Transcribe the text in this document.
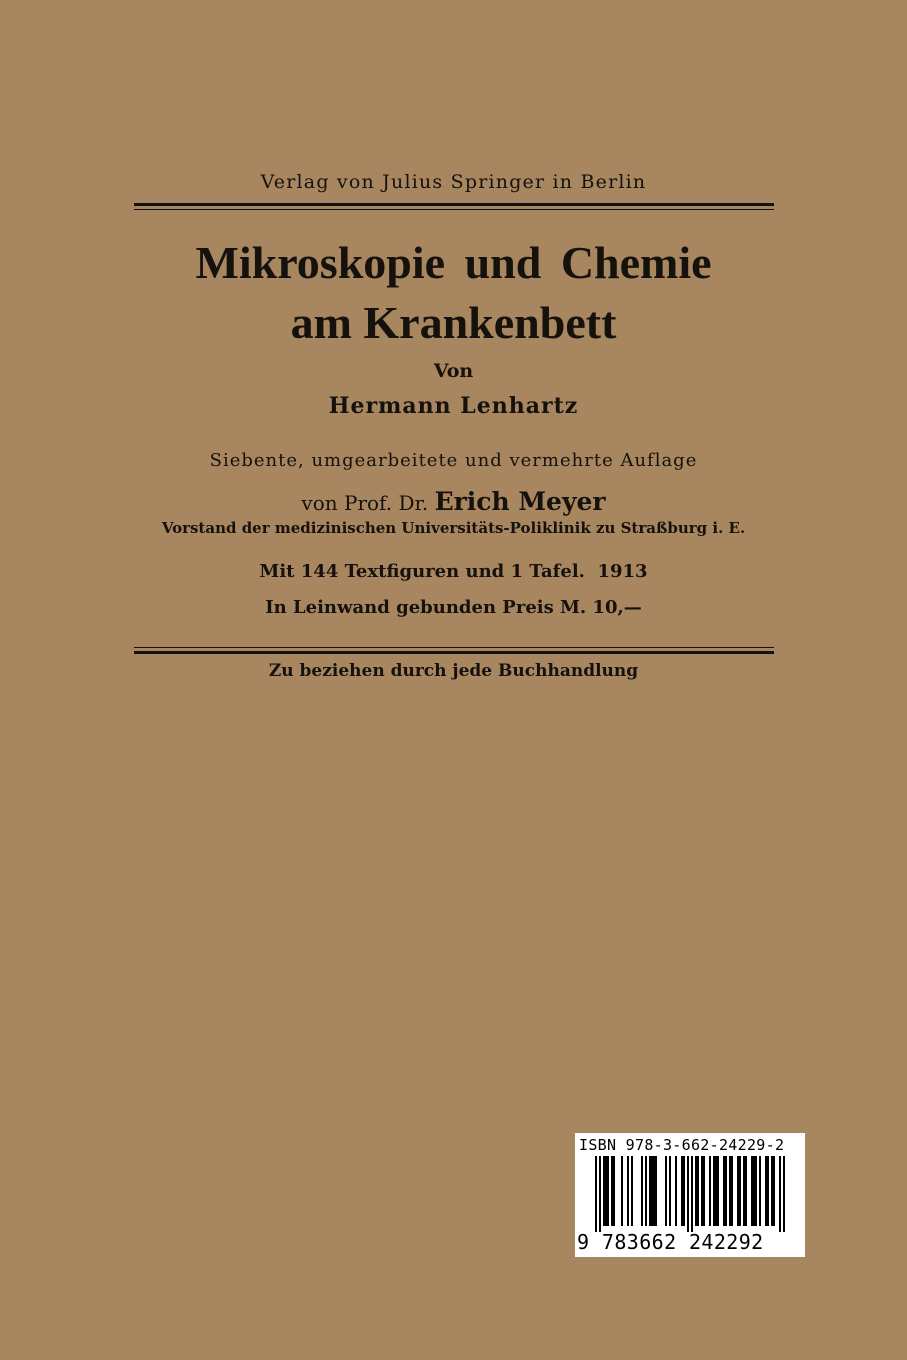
Verlag von Julius Springer in Berlin
Mikroskopie und Chemie
am Krankenbett
Von
Hermann Lenhartz
Siebente, umgearbeitete und vermehrte Auflage
von Prof. Dr. Erich Meyer
Vorstand der medizinischen Universitäts-Poliklinik zu Straßburg i. E.
Mit 144 Textfiguren und 1 Tafel.  1913
In Leinwand gebunden Preis M. 10,—
Zu beziehen durch jede Buchhandlung
ISBN 978-3-662-24229-2
9 783662 242292
